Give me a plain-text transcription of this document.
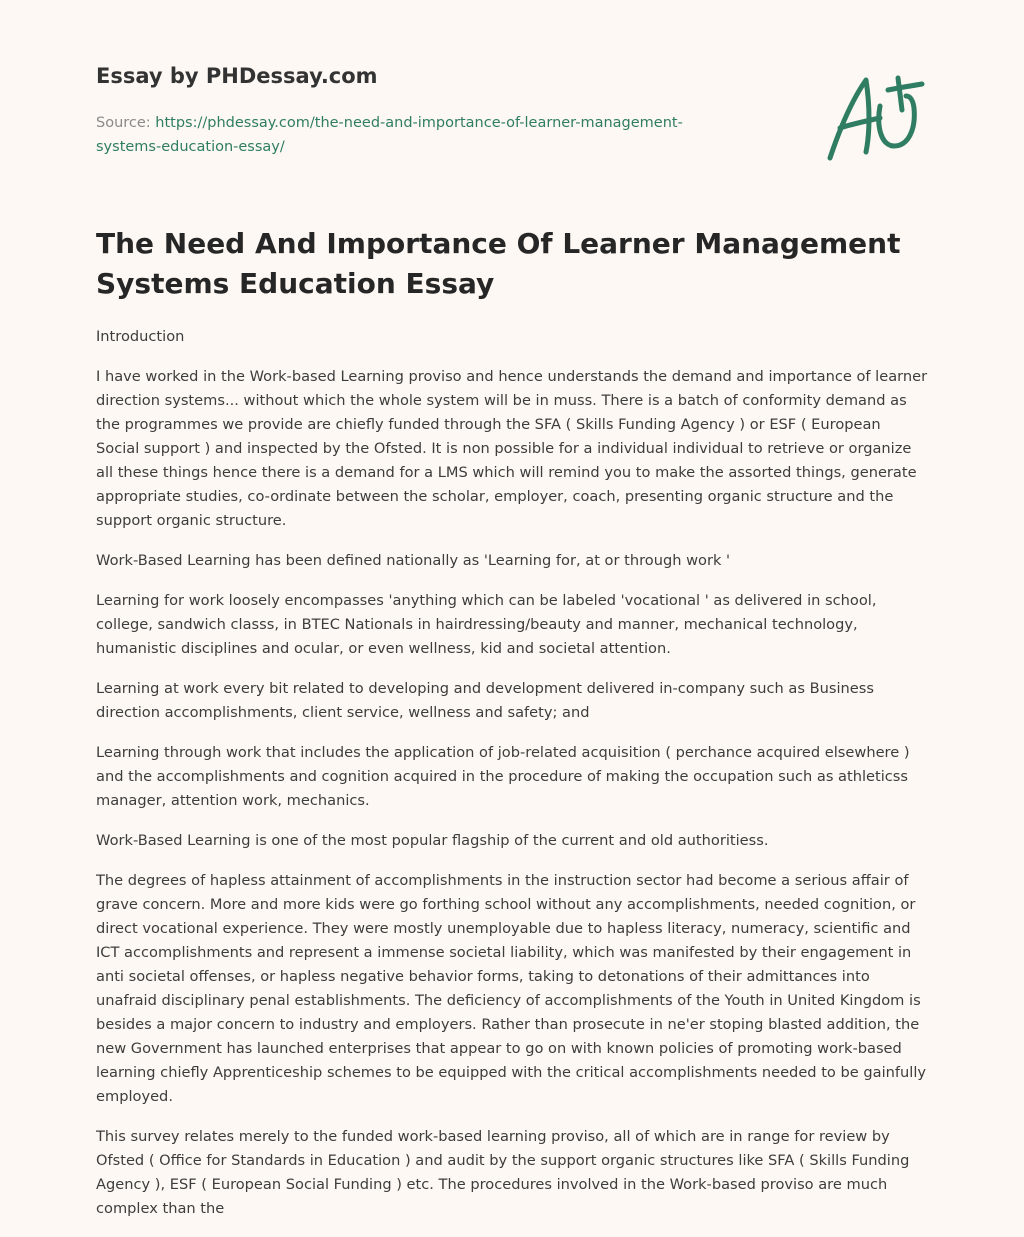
Essay by PHDessay.com
Source: https://phdessay.com/the-need-and-importance-of-learner-management-systems-education-essay/
The Need And Importance Of Learner Management Systems Education Essay

Introduction

I have worked in the Work-based Learning proviso and hence understands the demand and importance of learner direction systems... without which the whole system will be in muss. There is a batch of conformity demand as the programmes we provide are chiefly funded through the SFA ( Skills Funding Agency ) or ESF ( European Social support ) and inspected by the Ofsted. It is non possible for a individual individual to retrieve or organize all these things hence there is a demand for a LMS which will remind you to make the assorted things, generate appropriate studies, co-ordinate between the scholar, employer, coach, presenting organic structure and the support organic structure.

Work-Based Learning has been defined nationally as 'Learning for, at or through work '

Learning for work loosely encompasses 'anything which can be labeled 'vocational ' as delivered in school, college, sandwich classs, in BTEC Nationals in hairdressing/beauty and manner, mechanical technology, humanistic disciplines and ocular, or even wellness, kid and societal attention.

Learning at work every bit related to developing and development delivered in-company such as Business direction accomplishments, client service, wellness and safety; and

Learning through work that includes the application of job-related acquisition ( perchance acquired elsewhere ) and the accomplishments and cognition acquired in the procedure of making the occupation such as athleticss manager, attention work, mechanics.

Work-Based Learning is one of the most popular flagship of the current and old authoritiess.

The degrees of hapless attainment of accomplishments in the instruction sector had become a serious affair of grave concern. More and more kids were go forthing school without any accomplishments, needed cognition, or direct vocational experience. They were mostly unemployable due to hapless literacy, numeracy, scientific and ICT accomplishments and represent a immense societal liability, which was manifested by their engagement in anti societal offenses, or hapless negative behavior forms, taking to detonations of their admittances into unafraid disciplinary penal establishments. The deficiency of accomplishments of the Youth in United Kingdom is besides a major concern to industry and employers. Rather than prosecute in ne'er stoping blasted addition, the new Government has launched enterprises that appear to go on with known policies of promoting work-based learning chiefly Apprenticeship schemes to be equipped with the critical accomplishments needed to be gainfully employed.

This survey relates merely to the funded work-based learning proviso, all of which are in range for review by Ofsted ( Office for Standards in Education ) and audit by the support organic structures like SFA ( Skills Funding Agency ), ESF ( European Social Funding ) etc. The procedures involved in the Work-based proviso are much complex than the
